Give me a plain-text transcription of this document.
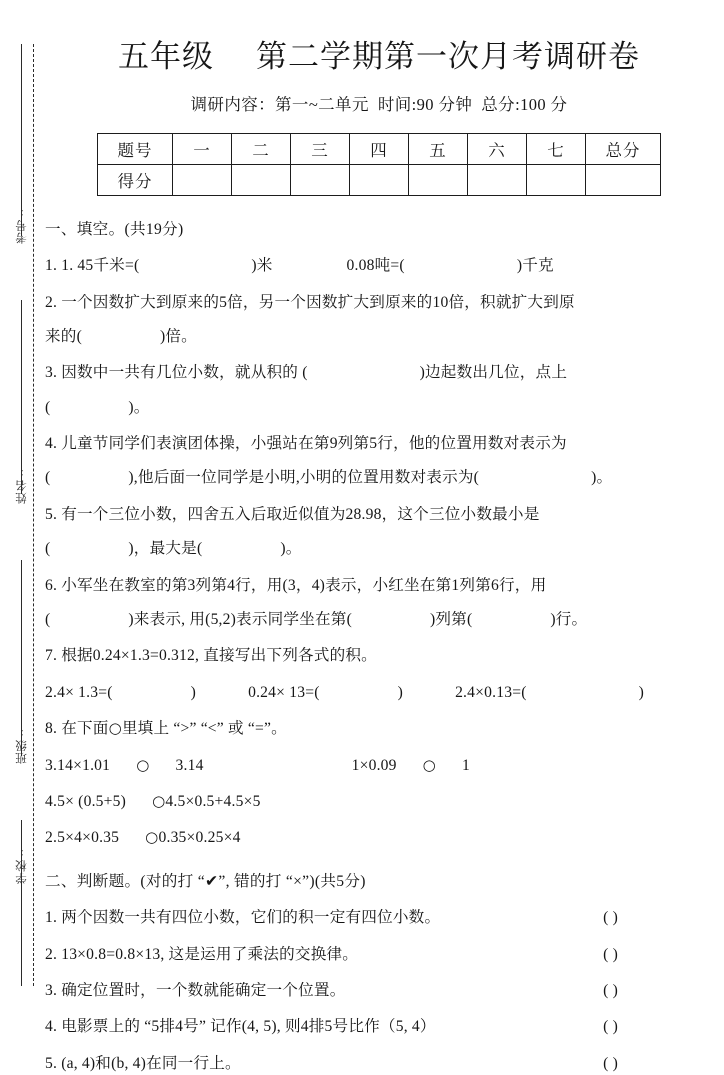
考号:
姓名:
班级:
学校:
五年级 第二学期第一次月考调研卷
调研内容：第一~二单元 时间:90 分钟 总分:100 分
题号	一	二	三	四	五	六	七	总分
得分								

一、填空。(共19分)

1. 1. 45千米=(	)米	0.08吨=(	)千克

2. 一个因数扩大到原来的5倍，另一个因数扩大到原来的10倍，积就扩大到原

来的(	)倍。

3. 因数中一共有几位小数，就从积的 (	)边起数出几位，点上

(	)。

4. 儿童节同学们表演团体操，小强站在第9列第5行，他的位置用数对表示为

(	),他后面一位同学是小明,小明的位置用数对表示为(	)。

5. 有一个三位小数，四舍五入后取近似值为28.98，这个三位小数最小是

(	)，最大是(	)。

6. 小军坐在教室的第3列第4行，用(3，4)表示，小红坐在第1列第6行，用

(	)来表示, 用(5,2)表示同学坐在第(	)列第(	)行。

7. 根据0.24×1.3=0.312, 直接写出下列各式的积。

2.4× 1.3=(	)	0.24× 13=(	)	2.4×0.13=(	)

8. 在下面○里填上 “>” “<” 或 “=”。

3.14×1.01 ○ 3.14	1×0.09 ○ 1

4.5× (0.5+5) ○4.5×0.5+4.5×5

2.5×4×0.35 ○0.35×0.25×4

二、判断题。(对的打 “✔”, 错的打 “×”)(共5分)

1. 两个因数一共有四位小数，它们的积一定有四位小数。	( )
2. 13×0.8=0.8×13, 这是运用了乘法的交换律。	( )
3. 确定位置时，一个数就能确定一个位置。	( )
4. 电影票上的 “5排4号” 记作(4, 5), 则4排5号比作（5, 4）	( )
5. (a, 4)和(b, 4)在同一行上。	( )
